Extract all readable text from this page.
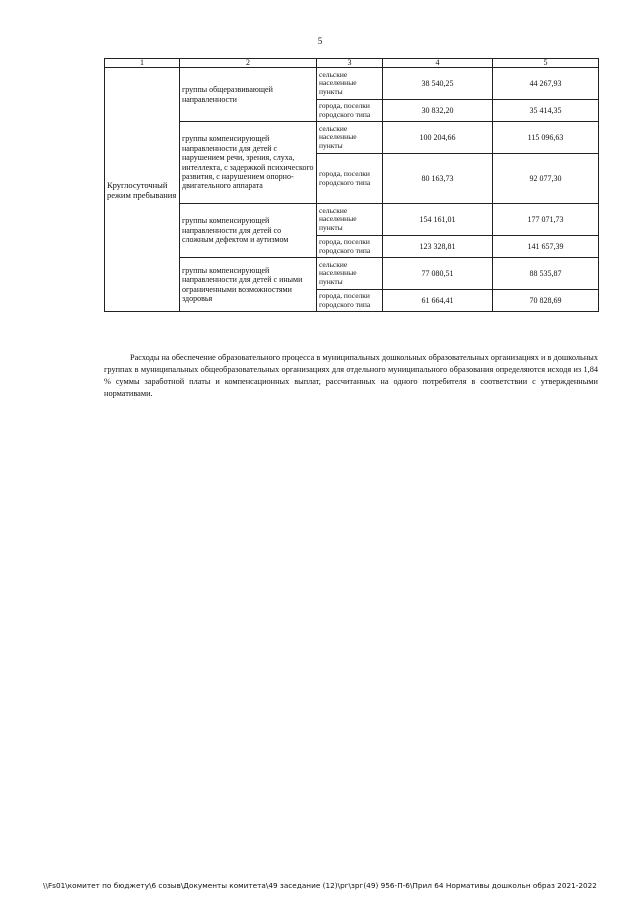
5
1	2	3	4	5
Круглосуточный режим пребывания	группы общеразвивающей направленности	сельские населенные пункты	38 540,25	44 267,93
		города, поселки городского типа	30 832,20	35 414,35
	группы компенсирующей направленности для детей с нарушением речи, зрения, слуха, интеллекта, с задержкой психического развития, с нарушением опорно-двигательного аппарата	сельские населенные пункты	100 204,66	115 096,63
		города, поселки городского типа	80 163,73	92 077,30
	группы компенсирующей направленности для детей со сложным дефектом и аутизмом	сельские населенные пункты	154 161,01	177 071,73
		города, поселки городского типа	123 328,81	141 657,39
	группы компенсирующей направленности для детей с иными ограниченными возможностями здоровья	сельские населенные пункты	77 080,51	88 535,87
		города, поселки городского типа	61 664,41	70 828,69

Расходы на обеспечение образовательного процесса в муниципальных дошкольных образовательных организациях и в дошкольных группах в муниципальных общеобразовательных организациях для отдельного муниципального образования определяются исходя из 1,84 % суммы заработной платы и компенсационных выплат, рассчитанных на одного потребителя в соответствии с утвержденными нормативами.

\\Fs01\комитет по бюджету\6 созыв\Документы комитета\49 заседание (12)\рг\зрг(49) 956-П-6\Прил 64 Нормативы дошкольн образ 2021-2022
